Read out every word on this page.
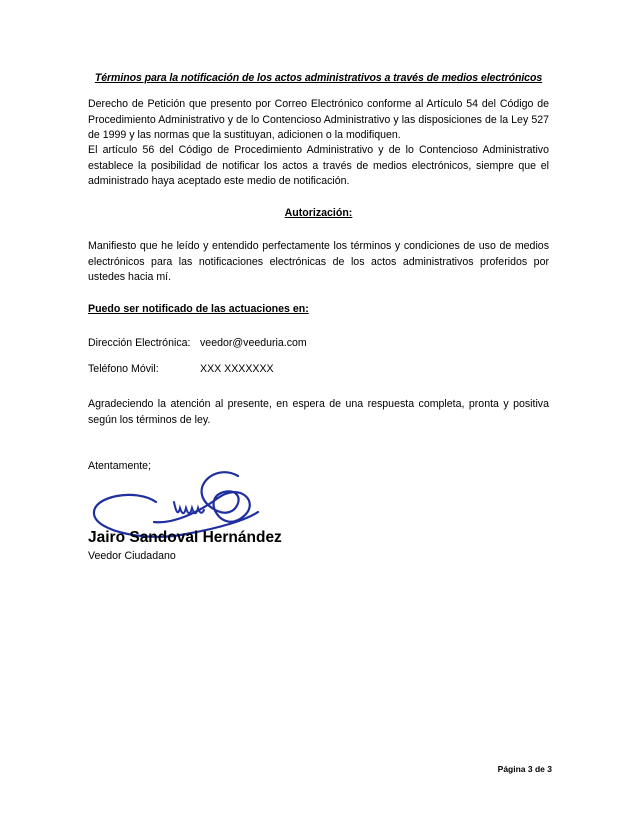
Términos para la notificación de los actos administrativos a través de medios electrónicos

Derecho de Petición que presento por Correo Electrónico conforme al Artículo 54 del Código de Procedimiento Administrativo y de lo Contencioso Administrativo y las disposiciones de la Ley 527 de 1999 y las normas que la sustituyan, adicionen o la modifiquen.

El artículo 56 del Código de Procedimiento Administrativo y de lo Contencioso Administrativo establece la posibilidad de notificar los actos a través de medios electrónicos, siempre que el administrado haya aceptado este medio de notificación.

Autorización:

Manifiesto que he leído y entendido perfectamente los términos y condiciones de uso de medios electrónicos para las notificaciones electrónicas de los actos administrativos proferidos por ustedes hacia mí.

Puedo ser notificado de las actuaciones en:

Dirección Electrónica: veedor@veeduria.com
Teléfono Móvil:	XXX XXXXXXX

Agradeciendo la atención al presente, en espera de una respuesta completa, pronta y positiva según los términos de ley.

Atentamente;

Jairo Sandoval Hernández
Veedor Ciudadano
Página 3 de 3
